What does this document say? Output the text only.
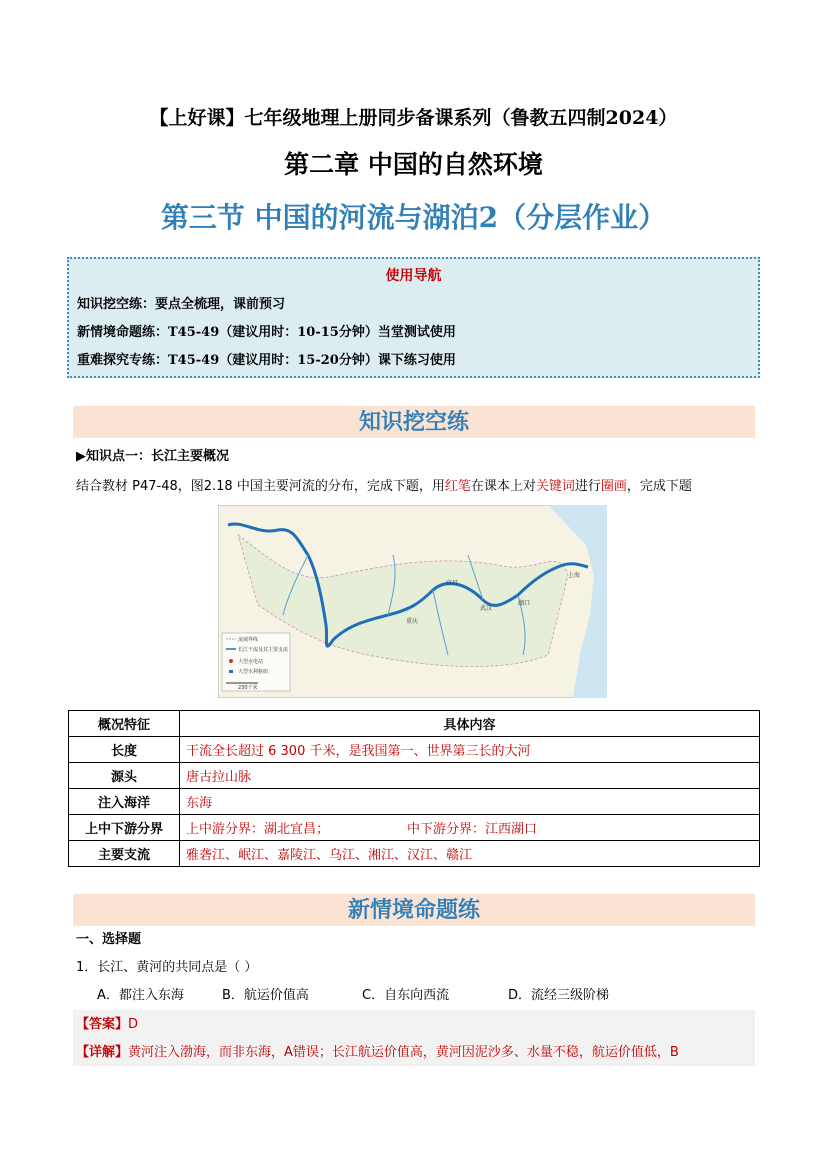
【上好课】七年级地理上册同步备课系列（鲁教五四制2024）
第二章 中国的自然环境
第三节 中国的河流与湖泊2（分层作业）
使用导航
知识挖空练：要点全梳理，课前预习
新情境命题练：T45-49（建议用时：10-15分钟）当堂测试使用
重难探究专练：T45-49（建议用时：15-20分钟）课下练习使用
知识挖空练
▶知识点一：长江主要概况
结合教材 P47-48，图2.18 中国主要河流的分布，完成下题，用红笔在课本上对关键词进行圈画，完成下题
流域界线
长江干流及其主要支流
大型水电站
大型水利枢纽
230千米
重庆
武汉
上海
宜昌
湖口
概况特征	具体内容
长度	干流全长超过 6 300 千米，是我国第一、世界第三长的大河
源头	唐古拉山脉
注入海洋	东海
上中下游分界	上中游分界：湖北宜昌； 中下游分界：江西湖口
主要支流	雅砻江、岷江、嘉陵江、乌江、湘江、汉江、赣江
新情境命题练
一、选择题
1．长江、黄河的共同点是（ ）
A．都注入东海	B．航运价值高	C．自东向西流	D．流经三级阶梯
【答案】D
【详解】黄河注入渤海，而非东海，A错误；长江航运价值高，黄河因泥沙多、水量不稳，航运价值低，B
